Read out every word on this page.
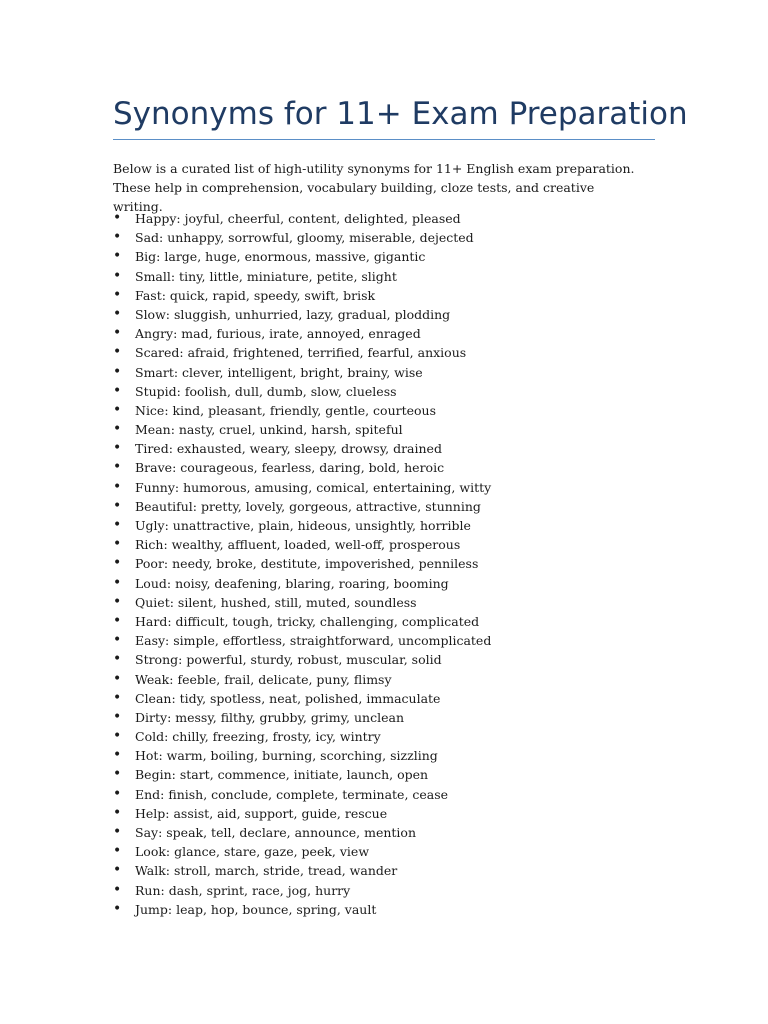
Synonyms for 11+ Exam Preparation

Below is a curated list of high-utility synonyms for 11+ English exam preparation. These help in comprehension, vocabulary building, cloze tests, and creative writing.

• Happy: joyful, cheerful, content, delighted, pleased
• Sad: unhappy, sorrowful, gloomy, miserable, dejected
• Big: large, huge, enormous, massive, gigantic
• Small: tiny, little, miniature, petite, slight
• Fast: quick, rapid, speedy, swift, brisk
• Slow: sluggish, unhurried, lazy, gradual, plodding
• Angry: mad, furious, irate, annoyed, enraged
• Scared: afraid, frightened, terrified, fearful, anxious
• Smart: clever, intelligent, bright, brainy, wise
• Stupid: foolish, dull, dumb, slow, clueless
• Nice: kind, pleasant, friendly, gentle, courteous
• Mean: nasty, cruel, unkind, harsh, spiteful
• Tired: exhausted, weary, sleepy, drowsy, drained
• Brave: courageous, fearless, daring, bold, heroic
• Funny: humorous, amusing, comical, entertaining, witty
• Beautiful: pretty, lovely, gorgeous, attractive, stunning
• Ugly: unattractive, plain, hideous, unsightly, horrible
• Rich: wealthy, affluent, loaded, well-off, prosperous
• Poor: needy, broke, destitute, impoverished, penniless
• Loud: noisy, deafening, blaring, roaring, booming
• Quiet: silent, hushed, still, muted, soundless
• Hard: difficult, tough, tricky, challenging, complicated
• Easy: simple, effortless, straightforward, uncomplicated
• Strong: powerful, sturdy, robust, muscular, solid
• Weak: feeble, frail, delicate, puny, flimsy
• Clean: tidy, spotless, neat, polished, immaculate
• Dirty: messy, filthy, grubby, grimy, unclean
• Cold: chilly, freezing, frosty, icy, wintry
• Hot: warm, boiling, burning, scorching, sizzling
• Begin: start, commence, initiate, launch, open
• End: finish, conclude, complete, terminate, cease
• Help: assist, aid, support, guide, rescue
• Say: speak, tell, declare, announce, mention
• Look: glance, stare, gaze, peek, view
• Walk: stroll, march, stride, tread, wander
• Run: dash, sprint, race, jog, hurry
• Jump: leap, hop, bounce, spring, vault
